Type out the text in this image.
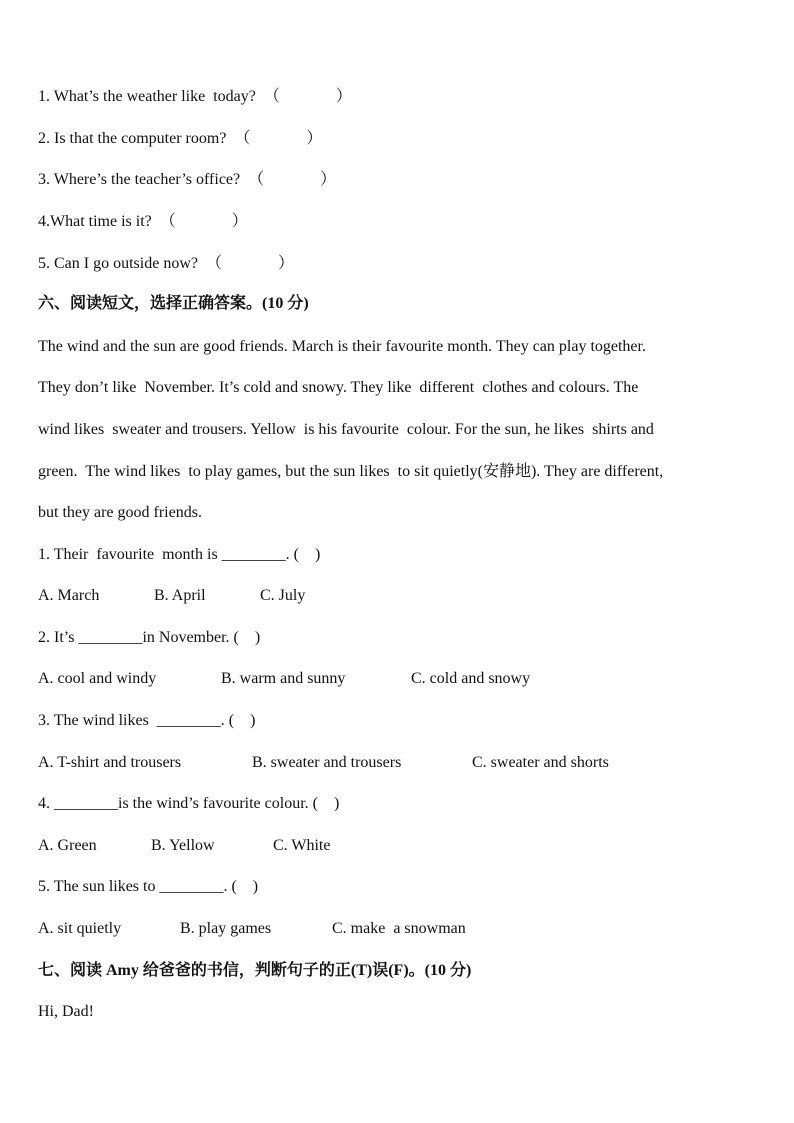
1. What’s the weather like  today?  （              ）
2. Is that the computer room?  （              ）
3. Where’s the teacher’s office?  （              ）
4.What time is it?  （              ）
5. Can I go outside now?  （              ）
六、阅读短文，选择正确答案。(10 分)
The wind and the sun are good friends. March is their favourite month. They can play together.
They don’t like  November. It’s cold and snowy. They like  different  clothes and colours. The
wind likes  sweater and trousers. Yellow  is his favourite  colour. For the sun, he likes  shirts and
green.  The wind likes  to play games, but the sun likes  to sit quietly(安静地). They are different,
but they are good friends.
1. Their  favourite  month is ________. (    )
A. March	B. April	C. July
2. It’s ________in November. (    )
A. cool and windy	B. warm and sunny	C. cold and snowy
3. The wind likes  ________. (    )
A. T-shirt and trousers	B. sweater and trousers	C. sweater and shorts
4. ________is the wind’s favourite colour. (    )
A. Green	B. Yellow	C. White
5. The sun likes to ________. (    )
A. sit quietly	B. play games	C. make  a snowman
七、阅读 Amy 给爸爸的书信，判断句子的正(T)误(F)。(10 分)
Hi, Dad!
